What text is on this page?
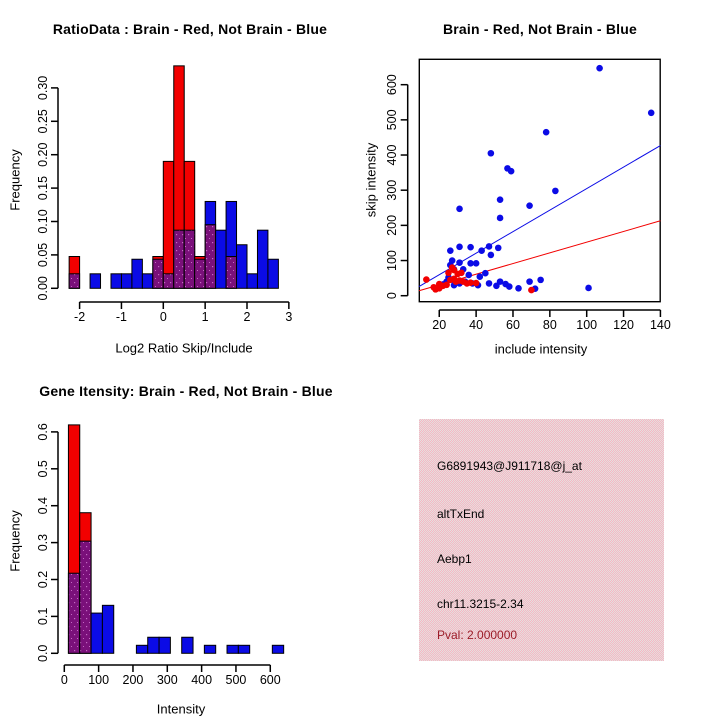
RatioData : Brain - Red, Not Brain - Blue	Brain - Red, Not Brain - Blue
Gene Itensity: Brain - Red, Not Brain - Blue
Frequency
Log2 Ratio Skip/Include
skip intensity
include intensity
Frequency
Intensity
-2 -1	0	1	2	3
0.00
0.05
0.10
0.15
0.20
0.25
0.30
20 40 60 80 100 120 140
0
100
200
300
400
500
600
0 100 200 300 400 500 600
0.0
0.1
0.2
0.3
0.4
0.5
0.6
G6891943@J911718@j_at
altTxEnd
Aebp1
chr11.3215-2.34
Pval: 2.000000
